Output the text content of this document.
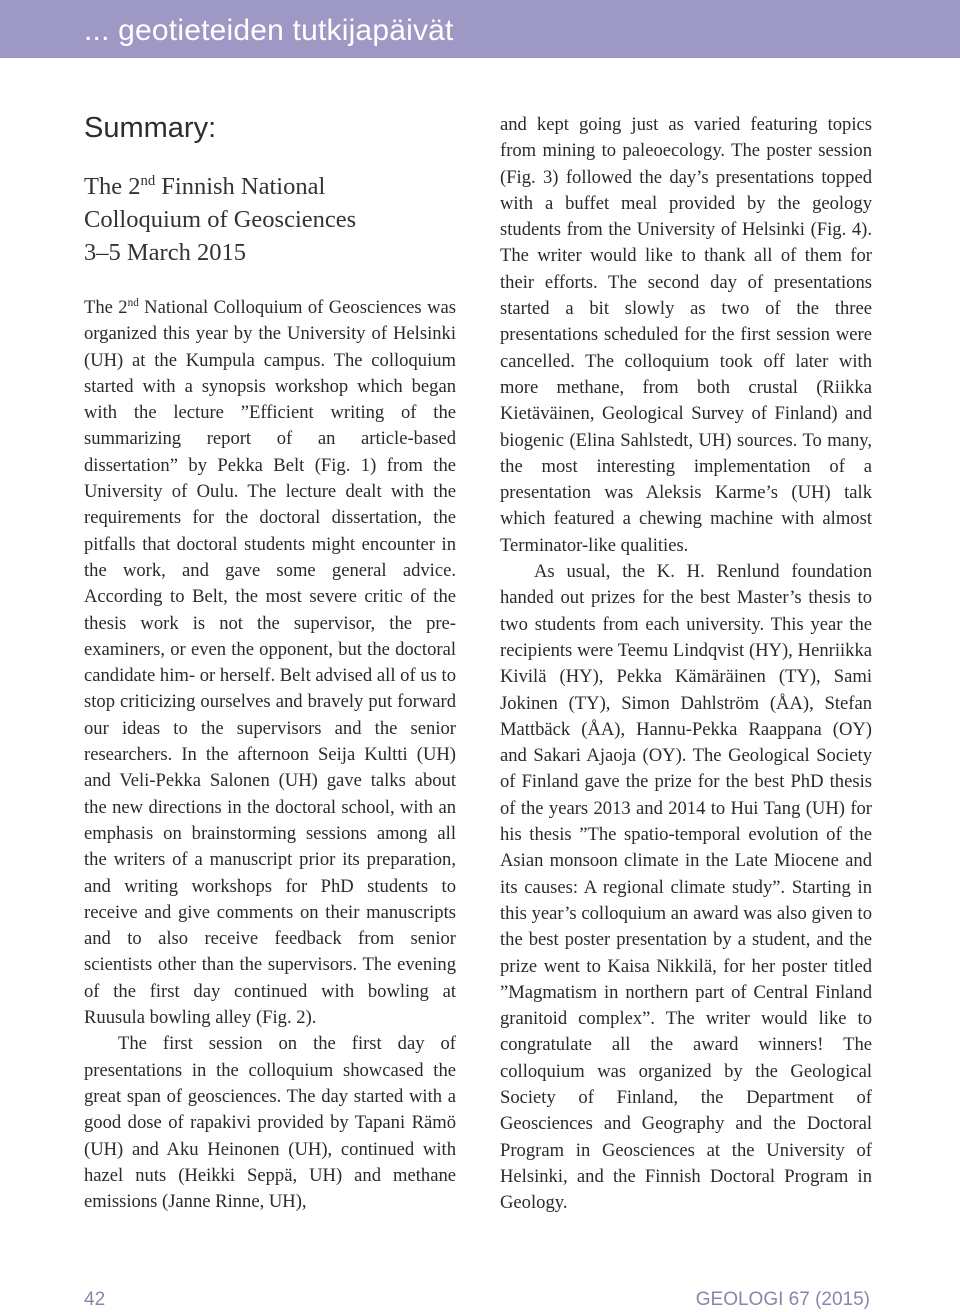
... geotieteiden tutkijapäivät
Summary:
The 2nd Finnish National
Colloquium of Geosciences
3–5 March 2015

The 2nd National Colloquium of Geosciences was organized this year by the University of Helsinki (UH) at the Kumpula campus. The colloquium started with a synopsis workshop which began with the lecture ”Efficient writing of the summarizing report of an article-based dissertation” by Pekka Belt (Fig. 1) from the University of Oulu. The lecture dealt with the requirements for the doctoral dissertation, the pitfalls that doctoral students might encounter in the work, and gave some general advice. According to Belt, the most severe critic of the thesis work is not the supervisor, the pre-examiners, or even the opponent, but the doctoral candidate him- or herself. Belt advised all of us to stop criticizing ourselves and bravely put forward our ideas to the supervisors and the senior researchers. In the afternoon Seija Kultti (UH) and Veli-Pekka Salonen (UH) gave talks about the new directions in the doctoral school, with an emphasis on brainstorming sessions among all the writers of a manuscript prior its preparation, and writing workshops for PhD students to receive and give comments on their manuscripts and to also receive feedback from senior scientists other than the supervisors. The evening of the first day continued with bowling at Ruusula bowling alley (Fig. 2).

The first session on the first day of presentations in the colloquium showcased the great span of geosciences. The day started with a good dose of rapakivi provided by Tapani Rämö (UH) and Aku Heinonen (UH), continued with hazel nuts (Heikki Seppä, UH) and methane emissions (Janne Rinne, UH),

and kept going just as varied featuring topics from mining to paleoecology. The poster session (Fig. 3) followed the day’s presentations topped with a buffet meal provided by the geology students from the University of Helsinki (Fig. 4). The writer would like to thank all of them for their efforts. The second day of presentations started a bit slowly as two of the three presentations scheduled for the first session were cancelled. The colloquium took off later with more methane, from both crustal (Riikka Kietäväinen, Geological Survey of Finland) and biogenic (Elina Sahlstedt, UH) sources. To many, the most interesting implementation of a presentation was Aleksis Karme’s (UH) talk which featured a chewing machine with almost Terminator-like qualities.

As usual, the K. H. Renlund foundation handed out prizes for the best Master’s thesis to two students from each university. This year the recipients were Teemu Lindqvist (HY), Henriikka Kivilä (HY), Pekka Kämäräinen (TY), Sami Jokinen (TY), Simon Dahlström (ÅA), Stefan Mattbäck (ÅA), Hannu-Pekka Raappana (OY) and Sakari Ajaoja (OY). The Geological Society of Finland gave the prize for the best PhD thesis of the years 2013 and 2014 to Hui Tang (UH) for his thesis ”The spatio-temporal evolution of the Asian monsoon climate in the Late Miocene and its causes: A regional climate study”. Starting in this year’s colloquium an award was also given to the best poster presentation by a student, and the prize went to Kaisa Nikkilä, for her poster titled ”Magmatism in northern part of Central Finland granitoid complex”. The writer would like to congratulate all the award winners! The colloquium was organized by the Geological Society of Finland, the Department of Geosciences and Geography and the Doctoral Program in Geosciences at the University of Helsinki, and the Finnish Doctoral Program in Geology.

42	GEOLOGI 67 (2015)
